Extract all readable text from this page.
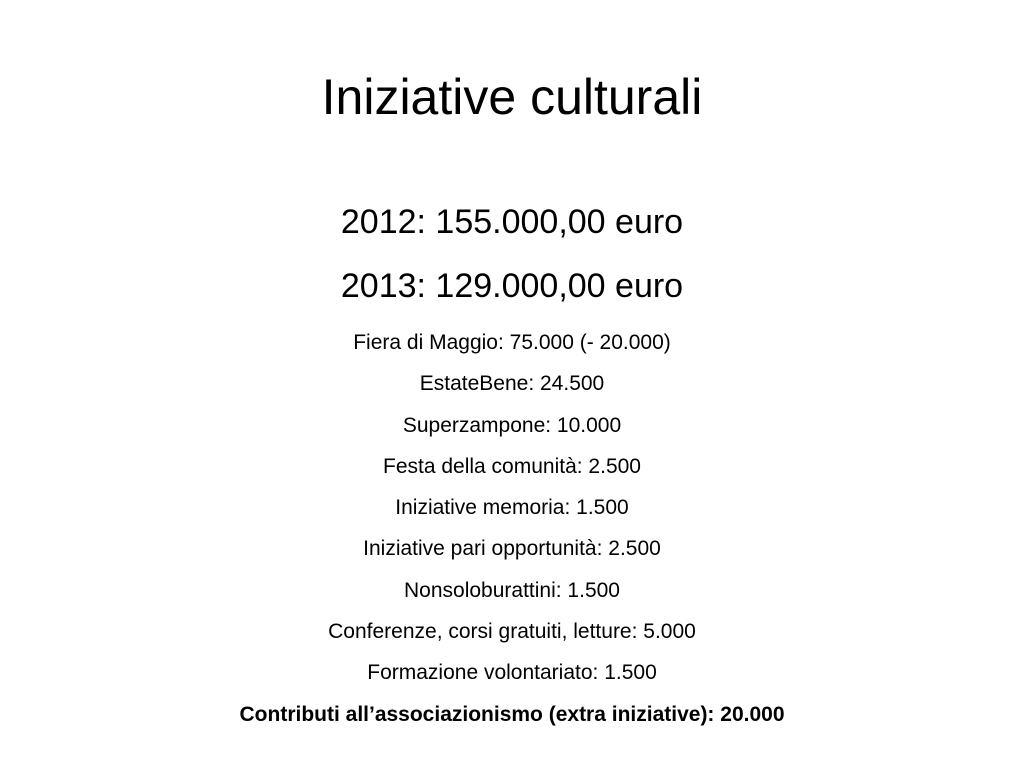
Iniziative culturali
2012: 155.000,00 euro
2013: 129.000,00 euro
Fiera di Maggio: 75.000 (- 20.000)
EstateBene: 24.500
Superzampone: 10.000
Festa della comunità: 2.500
Iniziative memoria: 1.500
Iniziative pari opportunità: 2.500
Nonsoloburattini: 1.500
Conferenze, corsi gratuiti, letture: 5.000
Formazione volontariato: 1.500
Contributi all’associazionismo (extra iniziative): 20.000
